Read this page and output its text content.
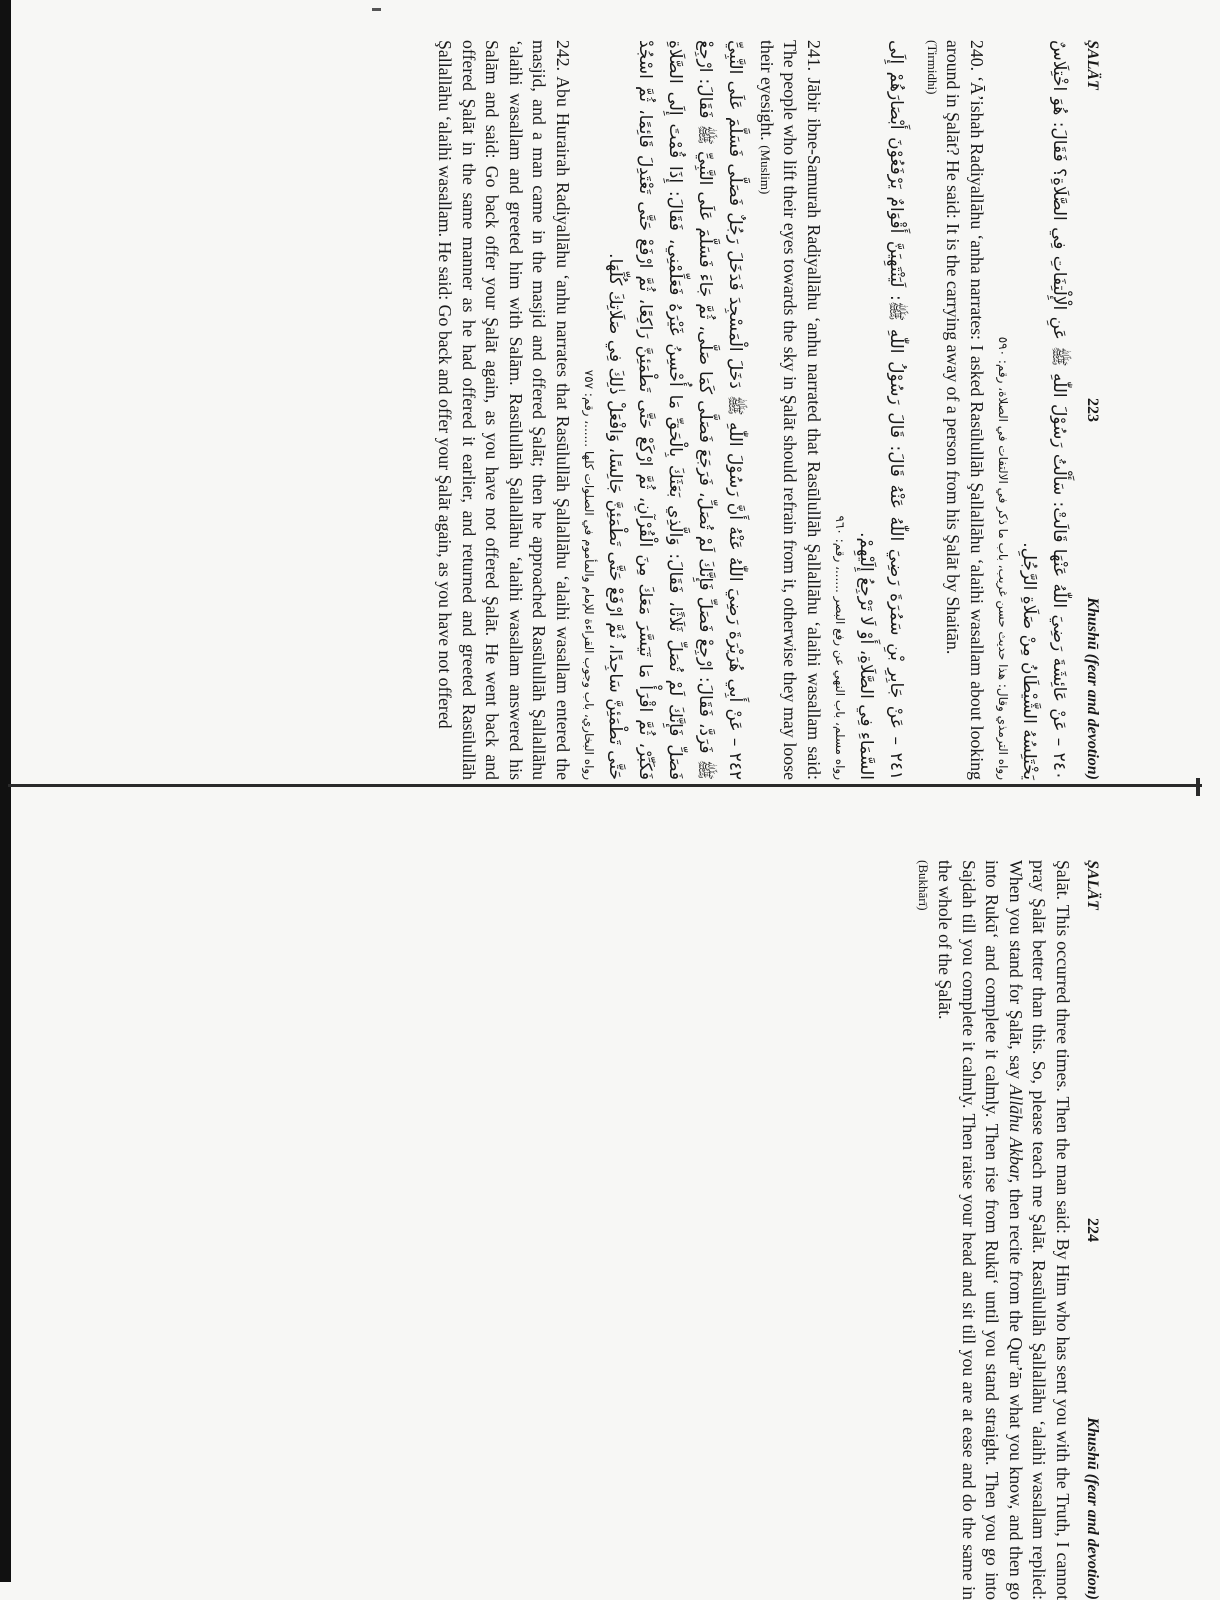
ŞALÄT
223
Khushū (fear and devotion)

٢٤٠ – عَنْ عَائِشَةَ رَضِيَ اللّٰهُ عَنْهَا قَالَتْ: سَأَلْتُ رَسُوْلَ اللّٰهِ ﷺ عَنِ الْإِلْتِفَاتِ فِي الصَّلَاةِ؟ فَقَالَ: هُوَ اخْتِلَاسٌ يَخْتَلِسُهُ الشَّيْطَانُ مِنْ صَلَاةِ الرَّجُلِ.

رواه الترمذي وقال: هذا حديث حسن غريب، باب ما ذكر في الالتفات في الصلاة، رقم: ٥٩٠

240. ‘Ā’ishah Radiyallāhu ‘anha narrates: I asked Rasūlullāh Şallallāhu ‘alaihi wasallam about looking around in Şalāt? He said: It is the carrying away of a person from his Şalāt by Shaitān.

(Tirmidhi)

٢٤١ – عَنْ جَابِرِ بْنِ سَمُرَةَ رَضِيَ اللّٰهُ عَنْهُ قَالَ: قَالَ رَسُوْلُ اللّٰهِ ﷺ: لَيَنْتَهِيَنَّ أَقْوَامٌ يَرْفَعُوْنَ أَبْصَارَهُمْ إِلَى السَّمَاءِ فِي الصَّلَاةِ، أَوْ لَا تَرْجِعُ إِلَيْهِمْ.

رواه مسلم، باب النهي عن رفع البصر ......، رقم: ٩٦٠

241. Jābir ibne-Samurah Radiyallāhu ‘anhu narrated that Rasūlullāh Şallallāhu ‘alaihi wasallam said: The people who lift their eyes towards the sky in Şalāt should refrain from it, otherwise they may loose their eyesight. (Muslim)

٢٤٢ – عَنْ أَبِي هُرَيْرَةَ رَضِيَ اللّٰهُ عَنْهُ أَنَّ رَسُوْلَ اللّٰهِ ﷺ دَخَلَ الْمَسْجِدَ فَدَخَلَ رَجُلٌ فَصَلَّى فَسَلَّمَ عَلَى النَّبِيِّ ﷺ فَرَدَّ، فَقَالَ: ارْجِعْ فَصَلِّ فَإِنَّكَ لَمْ تُصَلِّ، فَرَجَعَ فَصَلَّى كَمَا صَلَّى، ثُمَّ جَاءَ فَسَلَّمَ عَلَى النَّبِيِّ ﷺ فَقَالَ: ارْجِعْ فَصَلِّ فَإِنَّكَ لَمْ تُصَلِّ ثَلَاثًا، فَقَالَ: وَالَّذِي بَعَثَكَ بِالْحَقِّ مَا أُحْسِنُ غَيْرَهُ فَعَلِّمْنِي، فَقَالَ: إِذَا قُمْتَ إِلَى الصَّلَاةِ فَكَبِّرْ، ثُمَّ اقْرَأْ مَا تَيَسَّرَ مَعَكَ مِنَ الْقُرْآنِ، ثُمَّ ارْكَعْ حَتَّى تَطْمَئِنَّ رَاكِعًا، ثُمَّ ارْفَعْ حَتَّى تَعْتَدِلَ قَائِمًا، ثُمَّ اسْجُدْ حَتَّى تَطْمَئِنَّ سَاجِدًا، ثُمَّ ارْفَعْ حَتَّى تَطْمَئِنَّ جَالِسًا، وَافْعَلْ ذٰلِكَ فِي صَلَاتِكَ كُلِّهَا.

رواه البخاري، باب وجوب القراءة للإمام والمأموم في الصلوات كلها ......، رقم: ٧٥٧

242. Abu Hurairah Radiyallāhu ‘anhu narrates that Rasūlullāh Şallallāhu ‘alaihi wasallam entered the masjid, and a man came in the masjid and offered Şalāt; then he approached Rasūlullāh Şallallāhu ‘alaihi wasallam and greeted him with Salām. Rasūlullāh Şallallāhu ‘alaihi wasallam answered his Salām and said: Go back offer your Şalāt again, as you have not offered Şalāt. He went back and offered Şalāt in the same manner as he had offered it earlier, and returned and greeted Rasūlullāh Şallallāhu ‘alaihi wasallam. He said: Go back and offer your Şalāt again, as you have not offered

ŞALÄT
224
Khushū (fear and devotion)

Şalāt. This occurred three times. Then the man said: By Him who has sent you with the Truth, I cannot pray Şalāt better than this. So, please teach me Şalāt. Rasūlullāh Şallallāhu ‘alaihi wasallam replied: When you stand for Şalāt, say Allāhu Akbar, then recite from the Qur’ān what you know, and then go into Rukū‘ and complete it calmly. Then rise from Rukū‘ until you stand straight. Then you go into Sajdah till you complete it calmly. Then raise your head and sit till you are at ease and do the same in the whole of the Şalāt.

(Bukhārī)
